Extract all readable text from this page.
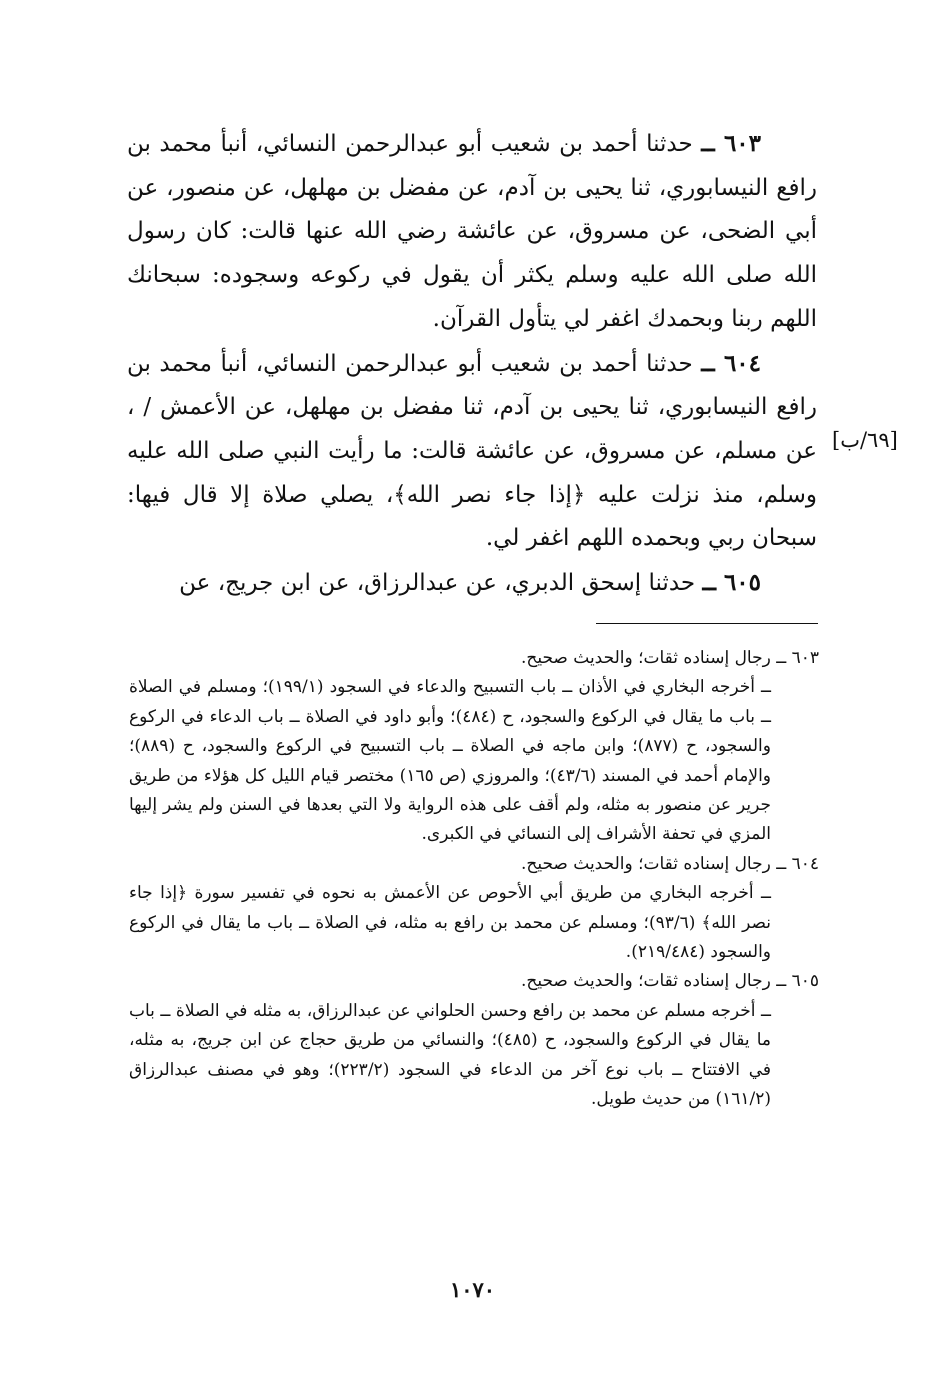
٦٠٣ ــ حدثنا أحمد بن شعيب أبو عبدالرحمن النسائي، أنبأ محمد بن رافع النيسابوري، ثنا يحيى بن آدم، عن مفضل بن مهلهل، عن منصور، عن أبي الضحى، عن مسروق، عن عائشة رضي الله عنها قالت: كان رسول الله صلى الله عليه وسلم يكثر أن يقول في ركوعه وسجوده: سبحانك اللهم ربنا وبحمدك اغفر لي يتأول القرآن.

٦٠٤ ــ حدثنا أحمد بن شعيب أبو عبدالرحمن النسائي، أنبأ محمد بن رافع النيسابوري، ثنا يحيى بن آدم، ثنا مفضل بن مهلهل، عن الأعمش / ، عن مسلم، عن مسروق، عن عائشة قالت: ما رأيت النبي صلى الله عليه وسلم، منذ نزلت عليه ﴿إذا جاء نصر الله﴾، يصلي صلاة إلا قال فيها: سبحان ربي وبحمده اللهم اغفر لي.

٦٠٥ ــ حدثنا إسحق الدبري، عن عبدالرزاق، عن ابن جريج، عن

[٦٩/ب]

٦٠٣ ــ رجال إسناده ثقات؛ والحديث صحيح.

ــ أخرجه البخاري في الأذان ــ باب التسبيح والدعاء في السجود (١٩٩/١)؛ ومسلم في الصلاة ــ باب ما يقال في الركوع والسجود، ح (٤٨٤)؛ وأبو داود في الصلاة ــ باب الدعاء في الركوع والسجود، ح (٨٧٧)؛ وابن ماجه في الصلاة ــ باب التسبيح في الركوع والسجود، ح (٨٨٩)؛ والإمام أحمد في المسند (٤٣/٦)؛ والمروزي (ص ١٦٥) مختصر قيام الليل كل هؤلاء من طريق جرير عن منصور به مثله، ولم أقف على هذه الرواية ولا التي بعدها في السنن ولم يشر إليها المزي في تحفة الأشراف إلى النسائي في الكبرى.

٦٠٤ ــ رجال إسناده ثقات؛ والحديث صحيح.

ــ أخرجه البخاري من طريق أبي الأحوص عن الأعمش به نحوه في تفسير سورة ﴿إذا جاء نصر الله﴾ (٩٣/٦)؛ ومسلم عن محمد بن رافع به مثله، في الصلاة ــ باب ما يقال في الركوع والسجود (٢١٩/٤٨٤).

٦٠٥ ــ رجال إسناده ثقات؛ والحديث صحيح.

ــ أخرجه مسلم عن محمد بن رافع وحسن الحلواني عن عبدالرزاق، به مثله في الصلاة ــ باب ما يقال في الركوع والسجود، ح (٤٨٥)؛ والنسائي من طريق حجاج عن ابن جريج، به مثله، في الافتتاح ــ باب نوع آخر من الدعاء في السجود (٢٢٣/٢)؛ وهو في مصنف عبدالرزاق (١٦١/٢) من حديث طويل.

١٠٧٠
